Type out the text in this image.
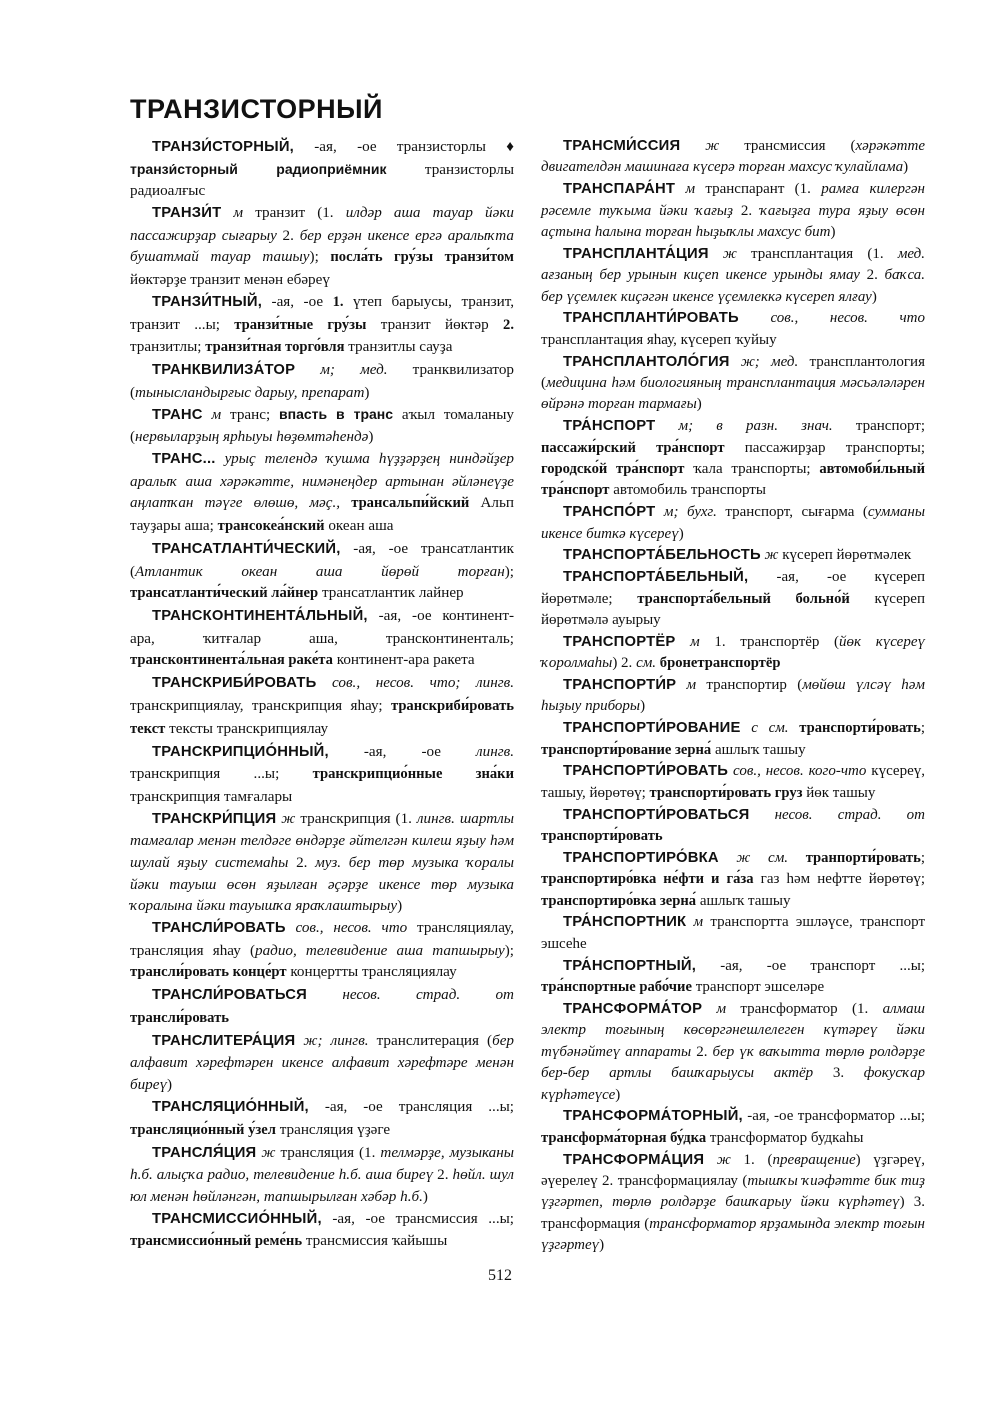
ТРАНЗИСТОРНЫЙ

ТРАНЗИ́СТОРНЫЙ, -ая, -ое транзисторлы ♦ транзи́сторный радиоприёмник транзисторлы радиоалғыс

ТРАНЗИ́Т м транзит (1. илдәр аша тауар йәки пассажирҙар сығарыу 2. бер ерҙән икенсе ергә аралыҡта бушатмай тауар ташыу); посла́ть гру́зы транзи́том йөктәрҙе транзит менән ебәреү

ТРАНЗИ́ТНЫЙ, -ая, -ое 1. үтеп барыусы, транзит, транзит ...ы; транзи́тные гру́зы транзит йөктәр 2. транзитлы; транзи́тная торго́вля транзитлы сауҙа

ТРАНКВИЛИЗА́ТОР м; мед. транквилизатор (тынысландырғыс дарыу, препарат)

ТРАНС м транс; впасть в транс аҡыл томаланыу (нервыларҙың ярһыуы һөҙөмтәһендә)

ТРАНС... урыҫ телендә ҡушма һүҙҙәрҙең ниндәйҙер аралыҡ аша хәрәкәтте, нимәнеңдер артынан әйләнеүҙе аңлатҡан тәүге өлөшө, мәҫ., трансальпи́йский Альп тауҙары аша; трансокеа́нский океан аша

ТРАНСАТЛАНТИ́ЧЕСКИЙ, -ая, -ое трансатлантик (Атлантик океан аша йөрөй торған); трансатланти́ческий ла́йнер трансатлантик лайнер

ТРАНСКОНТИНЕНТА́ЛЬНЫЙ, -ая, -ое континент-ара, ҡитғалар аша, трансконтиненталь; трансконтинента́льная раке́та континент-ара ракета

ТРАНСКРИБИ́РОВАТЬ сов., несов. что; лингв. транскрипциялау, транскрипция яһау; транскриби́ровать текст тексты транскрипциялау

ТРАНСКРИПЦИО́ННЫЙ, -ая, -ое лингв. транскрипция ...ы; транскрипцио́нные зна́ки транскрипция тамғалары

ТРАНСКРИ́ПЦИЯ ж транскрипция (1. лингв. шартлы тамғалар менән телдәге өндәрҙе әйтелгән килеш яҙыу һәм шулай яҙыу системаһы 2. муз. бер төр музыка ҡоралы йәки тауыш өсөн яҙылған әҫәрҙе икенсе төр музыка ҡоралына йәки тауышҡа яраҡлаштырыу)

ТРАНСЛИ́РОВАТЬ сов., несов. что трансляциялау, трансляция яһау (радио, телевидение аша тапшырыу); трансли́ровать конце́рт концертты трансляциялау

ТРАНСЛИ́РОВАТЬСЯ несов. страд. от трансли́ровать

ТРАНСЛИТЕРА́ЦИЯ ж; лингв. транслитерация (бер алфавит хәрефтәрен икенсе алфавит хәрефтәре менән биреү)

ТРАНСЛЯЦИО́ННЫЙ, -ая, -ое трансляция ...ы; трансляцио́нный у́зел трансляция үҙәге

ТРАНСЛЯ́ЦИЯ ж трансляция (1. телмәрҙе, музыканы һ.б. алыҫҡа радио, телевидение һ.б. аша биреү 2. һөйл. шул юл менән һөйләнгән, тапшырылған хәбәр һ.б.)

ТРАНСМИССИО́ННЫЙ, -ая, -ое трансмиссия ...ы; трансмиссио́нный реме́нь трансмиссия ҡайышы

ТРАНСМИ́ССИЯ ж трансмиссия (хәрәкәтте двигателдән машинаға күсерә торған махсус ҡулайлама)

ТРАНСПАРА́НТ м транспарант (1. рамға килергән рәсемле туҡыма йәки ҡағыҙ 2. ҡағыҙға тура яҙыу өсөн аҫтына һалына торған һыҙыҡлы махсус бит)

ТРАНСПЛАНТА́ЦИЯ ж трансплантация (1. мед. ағзаның бер урынын киҫеп икенсе урынды ямау 2. баҡса. бер үҫемлек киҫәгән икенсе үҫемлеккә күсереп ялғау)

ТРАНСПЛАНТИ́РОВАТЬ сов., несов. что трансплантация яһау, күсереп ҡуйыу

ТРАНСПЛАНТОЛО́ГИЯ ж; мед. трансплантология (медицина һәм биологияның трансплантация мәсьәләләрен өйрәнә торған тармағы)

ТРА́НСПОРТ м; в разн. знач. транспорт; пассажи́рский тра́нспорт пассажирҙар транспорты; городско́й тра́нспорт ҡала транспорты; автомоби́льный тра́нспорт автомобиль транспорты

ТРАНСПО́РТ м; бухг. транспорт, сығарма (сумманы икенсе биткә күсереү)

ТРАНСПОРТА́БЕЛЬНОСТЬ ж күсереп йөрөтмәлек

ТРАНСПОРТА́БЕЛЬНЫЙ, -ая, -ое күсереп йөрөтмәле; транспорта́бельный больно́й күсереп йөрөтмәлә ауырыу

ТРАНСПОРТЁР м 1. транспортёр (йөк күсереү ҡоролмаһы) 2. см. бронетранспортёр

ТРАНСПОРТИ́Р м транспортир (мөйөш үлсәү һәм һыҙыу приборы)

ТРАНСПОРТИ́РОВАНИЕ с см. транспорти́ровать; транспорти́рование зерна́ ашлыҡ ташыу

ТРАНСПОРТИ́РОВАТЬ сов., несов. кого-что күсереү, ташыу, йөрөтөү; транспорти́ровать груз йөк ташыу

ТРАНСПОРТИ́РОВАТЬСЯ несов. страд. от транспорти́ровать

ТРАНСПОРТИРО́ВКА ж см. транпорти́ровать; транспортиро́вка не́фти и га́за газ һәм нефтте йөрөтөү; транспортиро́вка зерна́ ашлыҡ ташыу

ТРА́НСПОРТНИК м транспортта эшләүсе, транспорт эшсеһе

ТРА́НСПОРТНЫЙ, -ая, -ое транспорт ...ы; тра́нспортные рабо́чие транспорт эшселәре

ТРАНСФОРМА́ТОР м трансформатор (1. алмаш электр тоғының көсөргәнешлелеген күтәреү йәки түбәнәйтеү аппараты 2. бер үк ваҡытта төрлө ролдәрҙе бер-бер артлы башҡарыусы актёр 3. фокусҡар күрһәтеүсе)

ТРАНСФОРМА́ТОРНЫЙ, -ая, -ое трансформатор ...ы; трансформа́торная бу́дка трансформатор будкаһы

ТРАНСФОРМА́ЦИЯ ж 1. (превращение) үҙгәреү, әүерелеү 2. трансформациялау (тышҡы ҡиәфәтте бик тиҙ үҙгәртеп, төрлө ролдәрҙе башҡарыу йәки күрһәтеү) 3. трансформация (трансформатор ярҙамында электр тоғын үҙгәртеү)

512
